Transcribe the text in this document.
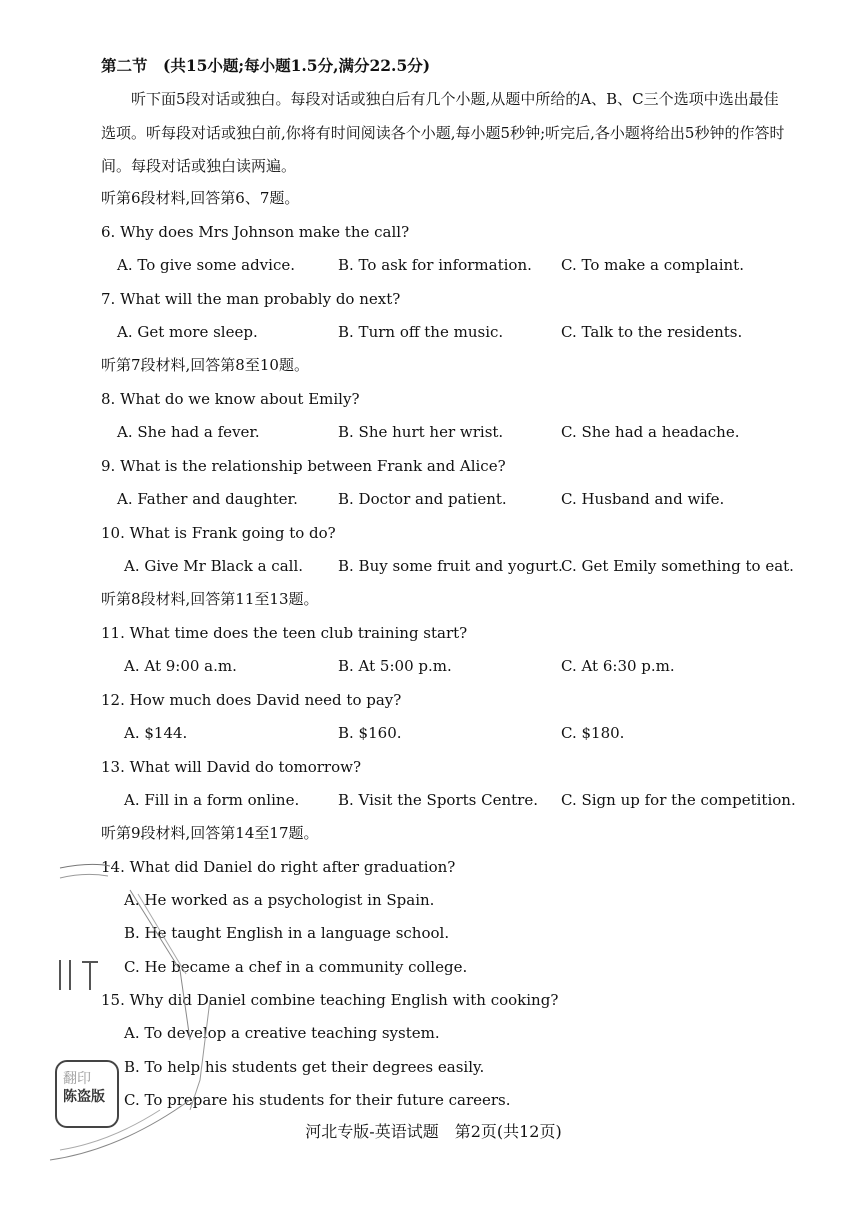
第二节　(共15小题;每小题1.5分,满分22.5分)
听下面5段对话或独白。每段对话或独白后有几个小题,从题中所给的A、B、C三个选项中选出最佳选项。听每段对话或独白前,你将有时间阅读各个小题,每小题5秒钟;听完后,各小题将给出5秒钟的作答时间。每段对话或独白读两遍。
听第6段材料,回答第6、7题。
6. Why does Mrs Johnson make the call?
A. To give some advice.	B. To ask for information. C. To make a complaint.
7. What will the man probably do next?
A. Get more sleep.	B. Turn off the music.	C. Talk to the residents.
听第7段材料,回答第8至10题。
8. What do we know about Emily?
A. She had a fever.	B. She hurt her wrist.	C. She had a headache.
9. What is the relationship between Frank and Alice?
A. Father and daughter.	B. Doctor and patient.	C. Husband and wife.
10. What is Frank going to do?
A. Give Mr Black a call. B. Buy some fruit and yogurt.
C. Get Emily something to eat.
听第8段材料,回答第11至13题。
11. What time does the teen club training start?
A. At 9:00 a.m.	B. At 5:00 p.m.	C. At 6:30 p.m.
12. How much does David need to pay?
A. $144.	B. $160.	C. $180.
13. What will David do tomorrow?
A. Fill in a form online.	B. Visit the Sports Centre. C. Sign up for the competition.
听第9段材料,回答第14至17题。
14. What did Daniel do right after graduation?
A. He worked as a psychologist in Spain.
B. He taught English in a language school.
C. He became a chef in a community college.
15. Why did Daniel combine teaching English with cooking?
A. To develop a creative teaching system.
B. To help his students get their degrees easily.
C. To prepare his students for their future careers.
翻印
陈盗版
河北专版-英语试题　第2页(共12页)
